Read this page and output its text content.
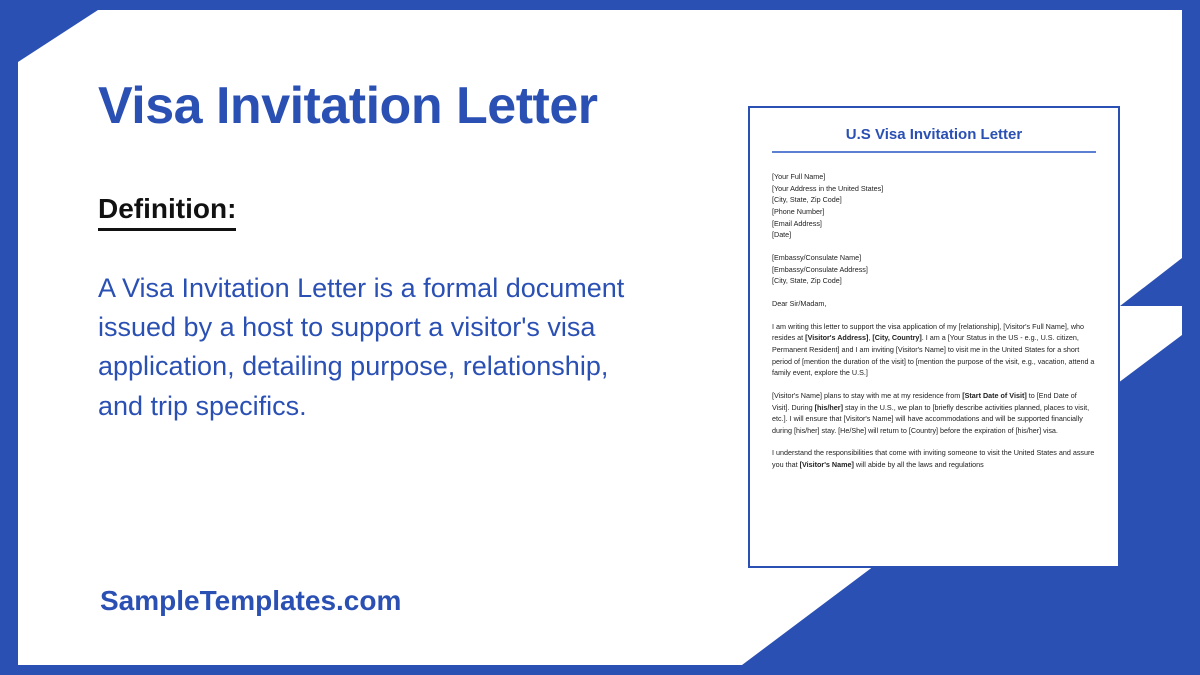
Visa Invitation Letter
Definition:

A Visa Invitation Letter is a formal document issued by a host to support a visitor's visa application, detailing purpose, relationship, and trip specifics.

SampleTemplates.com
U.S Visa Invitation Letter
[Your Full Name]
[Your Address in the United States]
[City, State, Zip Code]
[Phone Number]
[Email Address]
[Date]
[Embassy/Consulate Name]
[Embassy/Consulate Address]
[City, State, Zip Code]
Dear Sir/Madam,

I am writing this letter to support the visa application of my [relationship], [Visitor's Full Name], who resides at [Visitor's Address], [City, Country]. I am a [Your Status in the US - e.g., U.S. citizen, Permanent Resident] and I am inviting [Visitor's Name] to visit me in the United States for a short period of [mention the duration of the visit] to [mention the purpose of the visit, e.g., vacation, attend a family event, explore the U.S.]

[Visitor's Name] plans to stay with me at my residence from [Start Date of Visit] to [End Date of Visit]. During [his/her] stay in the U.S., we plan to [briefly describe activities planned, places to visit, etc.]. I will ensure that [Visitor's Name] will have accommodations and will be supported financially during [his/her] stay. [He/She] will return to [Country] before the expiration of [his/her] visa.

I understand the responsibilities that come with inviting someone to visit the United States and assure you that [Visitor's Name] will abide by all the laws and regulations
